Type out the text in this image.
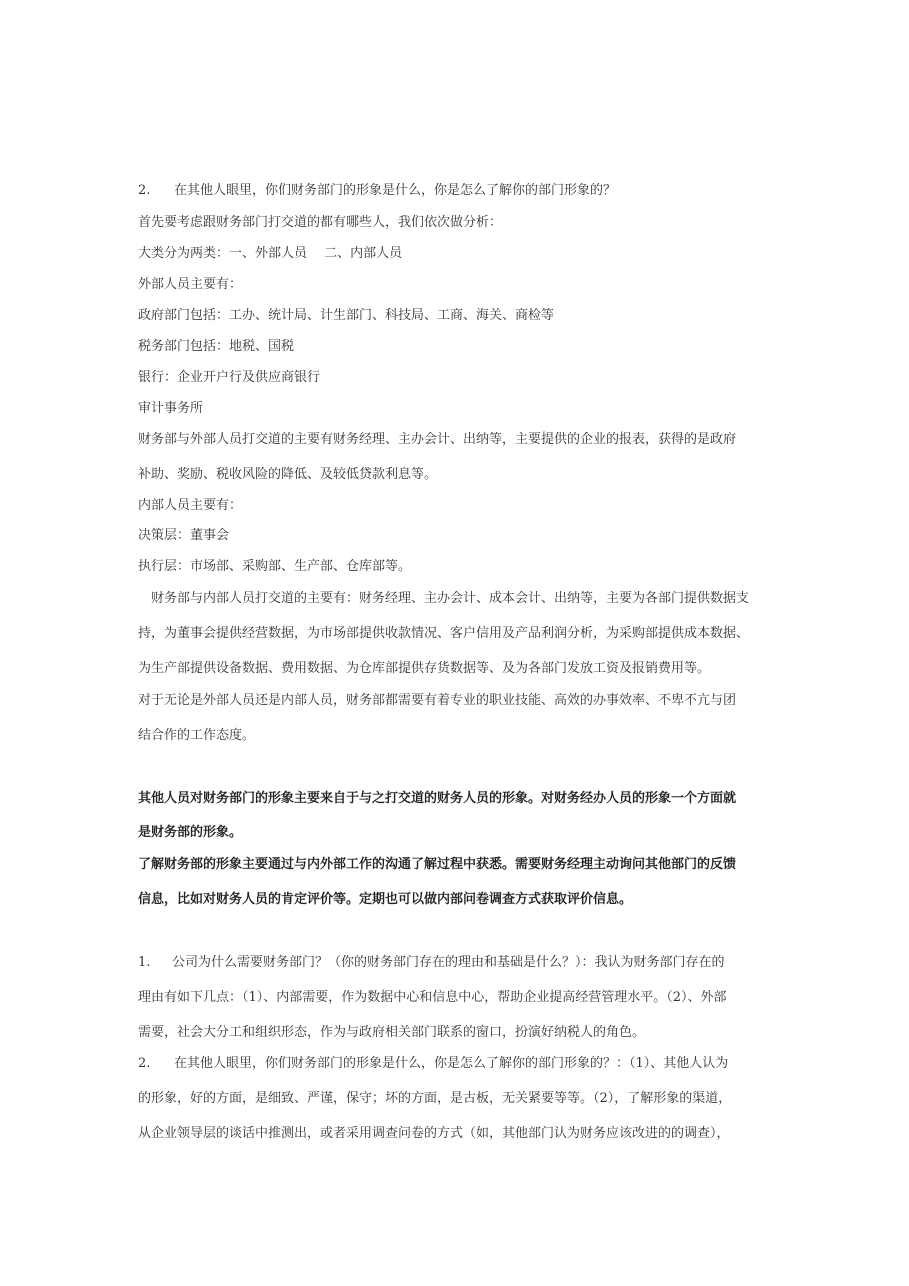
2. 在其他人眼里，你们财务部门的形象是什么，你是怎么了解你的部门形象的？
首先要考虑跟财务部门打交道的都有哪些人，我们依次做分析：
大类分为两类：一、外部人员　 二、内部人员
外部人员主要有：
政府部门包括：工办、统计局、计生部门、科技局、工商、海关、商检等
税务部门包括：地税、国税
银行：企业开户行及供应商银行
审计事务所
财务部与外部人员打交道的主要有财务经理、主办会计、出纳等，主要提供的企业的报表，获得的是政府
补助、奖励、税收风险的降低、及较低贷款利息等。
内部人员主要有：
决策层：董事会
执行层：市场部、采购部、生产部、仓库部等。
　财务部与内部人员打交道的主要有：财务经理、主办会计、成本会计、出纳等，主要为各部门提供数据支
持，为董事会提供经营数据，为市场部提供收款情况、客户信用及产品利润分析，为采购部提供成本数据、
为生产部提供设备数据、费用数据、为仓库部提供存货数据等、及为各部门发放工资及报销费用等。
对于无论是外部人员还是内部人员，财务部都需要有着专业的职业技能、高效的办事效率、不卑不亢与团
结合作的工作态度。
其他人员对财务部门的形象主要来自于与之打交道的财务人员的形象。对财务经办人员的形象一个方面就
是财务部的形象。
了解财务部的形象主要通过与内外部工作的沟通了解过程中获悉。需要财务经理主动询问其他部门的反馈
信息，比如对财务人员的肯定评价等。定期也可以做内部问卷调查方式获取评价信息。
1. 公司为什么需要财务部门？（你的财务部门存在的理由和基础是什么？）：我认为财务部门存在的
理由有如下几点：（1）、内部需要，作为数据中心和信息中心，帮助企业提高经营管理水平。（2）、外部
需要，社会大分工和组织形态，作为与政府相关部门联系的窗口，扮演好纳税人的角色。
2. 在其他人眼里，你们财务部门的形象是什么，你是怎么了解你的部门形象的？：（1）、其他人认为
的形象，好的方面，是细致、严谨，保守；坏的方面，是古板，无关紧要等等。（2），了解形象的渠道，
从企业领导层的谈话中推测出，或者采用调查问卷的方式（如，其他部门认为财务应该改进的的调查），
